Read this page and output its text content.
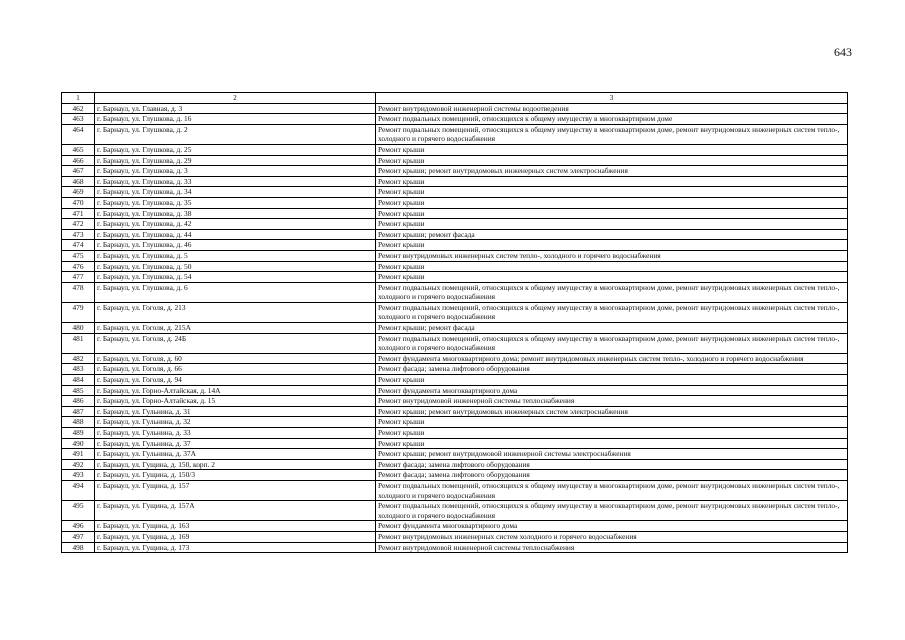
643
1	2	3
462	г. Барнаул, ул. Главная, д. 3	Ремонт внутридомовой инженерной системы водоотведения
463	г. Барнаул, ул. Глушкова, д. 16	Ремонт подвальных помещений, относящихся к общему имуществу в многоквартирном доме
464	г. Барнаул, ул. Глушкова, д. 2	Ремонт подвальных помещений, относящихся к общему имуществу в многоквартирном доме, ремонт внутридомовых инженерных систем тепло-, холодного и горячего водоснабжения
465	г. Барнаул, ул. Глушкова, д. 25	Ремонт крыши
466	г. Барнаул, ул. Глушкова, д. 29	Ремонт крыши
467	г. Барнаул, ул. Глушкова, д. 3	Ремонт крыши; ремонт внутридомовых инженерных систем электроснабжения
468	г. Барнаул, ул. Глушкова, д. 33	Ремонт крыши
469	г. Барнаул, ул. Глушкова, д. 34	Ремонт крыши
470	г. Барнаул, ул. Глушкова, д. 35	Ремонт крыши
471	г. Барнаул, ул. Глушкова, д. 38	Ремонт крыши
472	г. Барнаул, ул. Глушкова, д. 42	Ремонт крыши
473	г. Барнаул, ул. Глушкова, д. 44	Ремонт крыши; ремонт фасада
474	г. Барнаул, ул. Глушкова, д. 46	Ремонт крыши
475	г. Барнаул, ул. Глушкова, д. 5	Ремонт внутридомовых инженерных систем тепло-, холодного и горячего водоснабжения
476	г. Барнаул, ул. Глушкова, д. 50	Ремонт крыши
477	г. Барнаул, ул. Глушкова, д. 54	Ремонт крыши
478	г. Барнаул, ул. Глушкова, д. 6	Ремонт подвальных помещений, относящихся к общему имуществу в многоквартирном доме, ремонт внутридомовых инженерных систем тепло-, холодного и горячего водоснабжения
479	г. Барнаул, ул. Гоголя, д. 213	Ремонт подвальных помещений, относящихся к общему имуществу в многоквартирном доме, ремонт внутридомовых инженерных систем тепло-, холодного и горячего водоснабжения
480	г. Барнаул, ул. Гоголя, д. 215А	Ремонт крыши; ремонт фасада
481	г. Барнаул, ул. Гоголя, д. 24Б	Ремонт подвальных помещений, относящихся к общему имуществу в многоквартирном доме, ремонт внутридомовых инженерных систем тепло-, холодного и горячего водоснабжения
482	г. Барнаул, ул. Гоголя, д. 60	Ремонт фундамента многоквартирного дома; ремонт внутридомовых инженерных систем тепло-, холодного и горячего водоснабжения
483	г. Барнаул, ул. Гоголя, д. 66	Ремонт фасада; замена лифтового оборудования
484	г. Барнаул, ул. Гоголя, д. 94	Ремонт крыши
485	г. Барнаул, ул. Горно-Алтайская, д. 14А	Ремонт фундамента многоквартирного дома
486	г. Барнаул, ул. Горно-Алтайская, д. 15	Ремонт внутридомовой инженерной системы теплоснабжения
487	г. Барнаул, ул. Гульнина, д. 31	Ремонт крыши; ремонт внутридомовых инженерных систем электроснабжения
488	г. Барнаул, ул. Гульнина, д. 32	Ремонт крыши
489	г. Барнаул, ул. Гульнина, д. 33	Ремонт крыши
490	г. Барнаул, ул. Гульнина, д. 37	Ремонт крыши
491	г. Барнаул, ул. Гульнина, д. 37А	Ремонт крыши; ремонт внутридомовой инженерной системы электроснабжения
492	г. Барнаул, ул. Гущина, д. 150, корп. 2	Ремонт фасада; замена лифтового оборудования
493	г. Барнаул, ул. Гущина, д. 150/3	Ремонт фасада; замена лифтового оборудования
494	г. Барнаул, ул. Гущина, д. 157	Ремонт подвальных помещений, относящихся к общему имуществу в многоквартирном доме, ремонт внутридомовых инженерных систем тепло-, холодного и горячего водоснабжения
495	г. Барнаул, ул. Гущина, д. 157А	Ремонт подвальных помещений, относящихся к общему имуществу в многоквартирном доме, ремонт внутридомовых инженерных систем тепло-, холодного и горячего водоснабжения
496	г. Барнаул, ул. Гущина, д. 163	Ремонт фундамента многоквартирного дома
497	г. Барнаул, ул. Гущина, д. 169	Ремонт внутридомовых инженерных систем холодного и горячего водоснабжения
498	г. Барнаул, ул. Гущина, д. 173	Ремонт внутридомовой инженерной системы теплоснабжения
